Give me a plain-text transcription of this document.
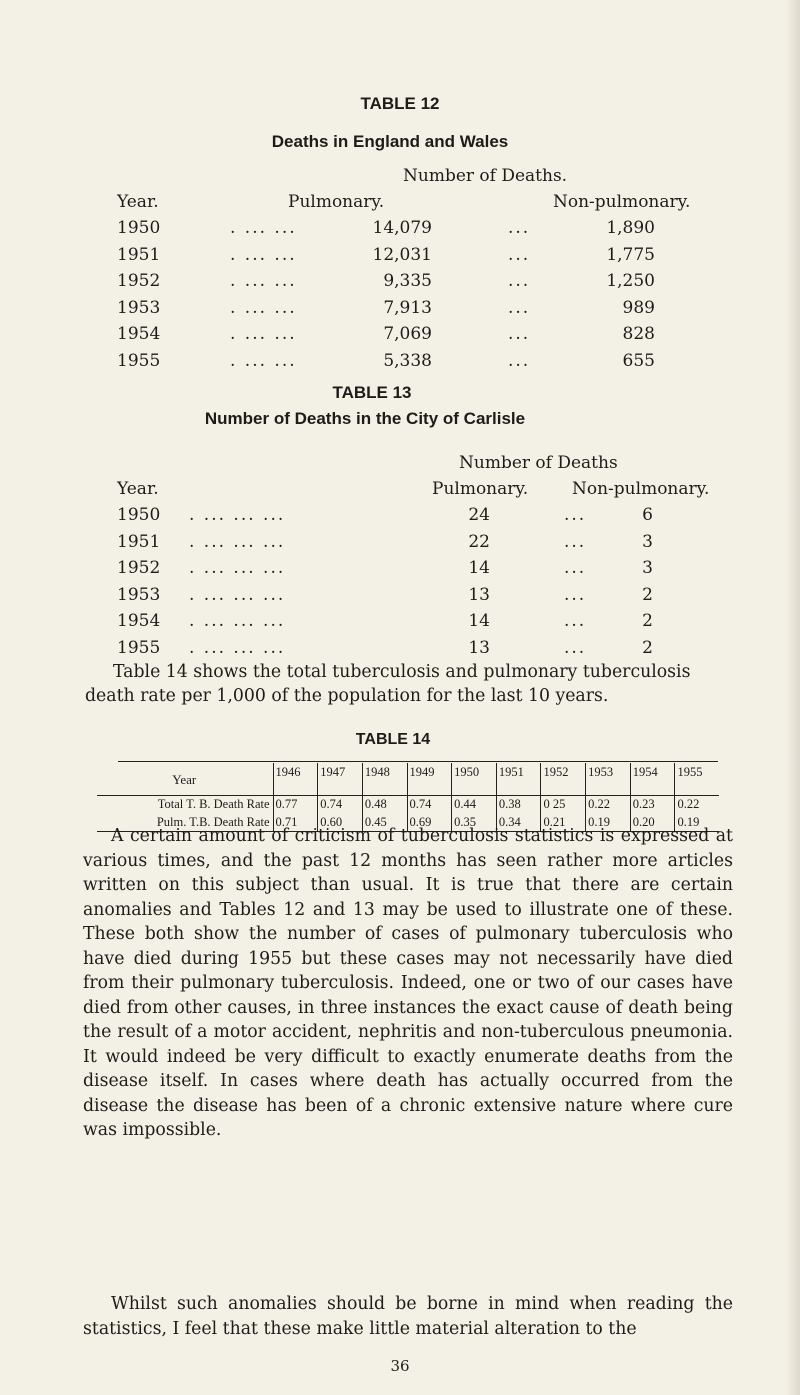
TABLE 12
Deaths in England and Wales
Number of Deaths.
Year.	Pulmonary.	Non-pulmonary.
1950	. ... ...	14,079	...	1,890
1951	. ... ...	12,031	...	1,775
1952	. ... ...	9,335	...	1,250
1953	. ... ...	7,913	...	989
1954	. ... ...	7,069	...	828
1955	. ... ...	5,338	...	655
TABLE 13
Number of Deaths in the City of Carlisle
Number of Deaths
Year.	Pulmonary.	Non-pulmonary.
1950 . ... ... ...	24	...	6
1951 . ... ... ...	22	...	3
1952 . ... ... ...	14	...	3
1953 . ... ... ...	13	...	2
1954 . ... ... ...	14	...	2
1955 . ... ... ...	13	...	2
Table 14 shows the total tuberculosis and pulmonary tuberculosis
death rate per 1,000 of the population for the last 10 years.
TABLE 14
Year	1946	1947	1948	1949	1950	1951	1952	1953	1954	1955
Total T. B. Death Rate	0.77	0.74	0.48	0.74	0.44	0.38	0 25	0.22	0.23	0.22
Pulm. T.B. Death Rate	0.71	0.60	0.45	0.69	0.35	0.34	0.21	0.19	0.20	0.19
A certain amount of criticism of tuberculosis statistics is expressed at various times, and the past 12 months has seen rather more articles written on this subject than usual. It is true that there are certain anomalies and Tables 12 and 13 may be used to illustrate one of these. These both show the number of cases of pulmonary tuberculosis who have died during 1955 but these cases may not necessarily have died from their pulmonary tuberculosis. Indeed, one or two of our cases have died from other causes, in three instances the exact cause of death being the result of a motor accident, nephritis and non-tuberculous pneumonia. It would indeed be very difficult to exactly enumerate deaths from the disease itself. In cases where death has actually occurred from the disease the disease has been of a chronic extensive nature where cure was impossible.
Whilst such anomalies should be borne in mind when reading the statistics, I feel that these make little material alteration to the
36
